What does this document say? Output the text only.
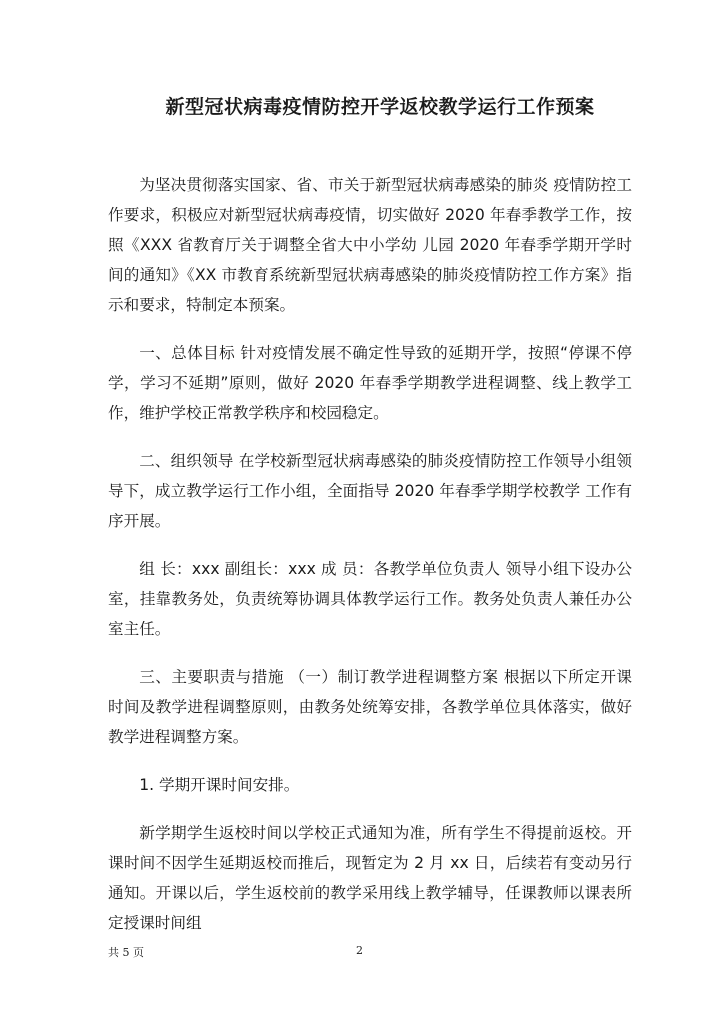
新型冠状病毒疫情防控开学返校教学运行工作预案

为坚决贯彻落实国家、省、市关于新型冠状病毒感染的肺炎 疫情防控工作要求，积极应对新型冠状病毒疫情，切实做好 2020 年春季教学工作，按照《XXX 省教育厅关于调整全省大中小学幼 儿园 2020 年春季学期开学时间的通知》《XX 市教育系统新型冠状病毒感染的肺炎疫情防控工作方案》指示和要求，特制定本预案。

一、总体目标 针对疫情发展不确定性导致的延期开学，按照“停课不停学，学习不延期”原则，做好 2020 年春季学期教学进程调整、线上教学工作，维护学校正常教学秩序和校园稳定。

二、组织领导 在学校新型冠状病毒感染的肺炎疫情防控工作领导小组领导下，成立教学运行工作小组，全面指导 2020 年春季学期学校教学 工作有序开展。

组 长：xxx 副组长：xxx 成 员：各教学单位负责人 领导小组下设办公室，挂靠教务处，负责统筹协调具体教学运行工作。教务处负责人兼任办公室主任。

三、主要职责与措施 （一）制订教学进程调整方案 根据以下所定开课时间及教学进程调整原则，由教务处统筹安排，各教学单位具体落实，做好教学进程调整方案。

1. 学期开课时间安排。

新学期学生返校时间以学校正式通知为准，所有学生不得提前返校。开课时间不因学生延期返校而推后，现暂定为 2 月 xx 日，后续若有变动另行通知。开课以后，学生返校前的教学采用线上教学辅导，任课教师以课表所定授课时间组

共 5 页	2
